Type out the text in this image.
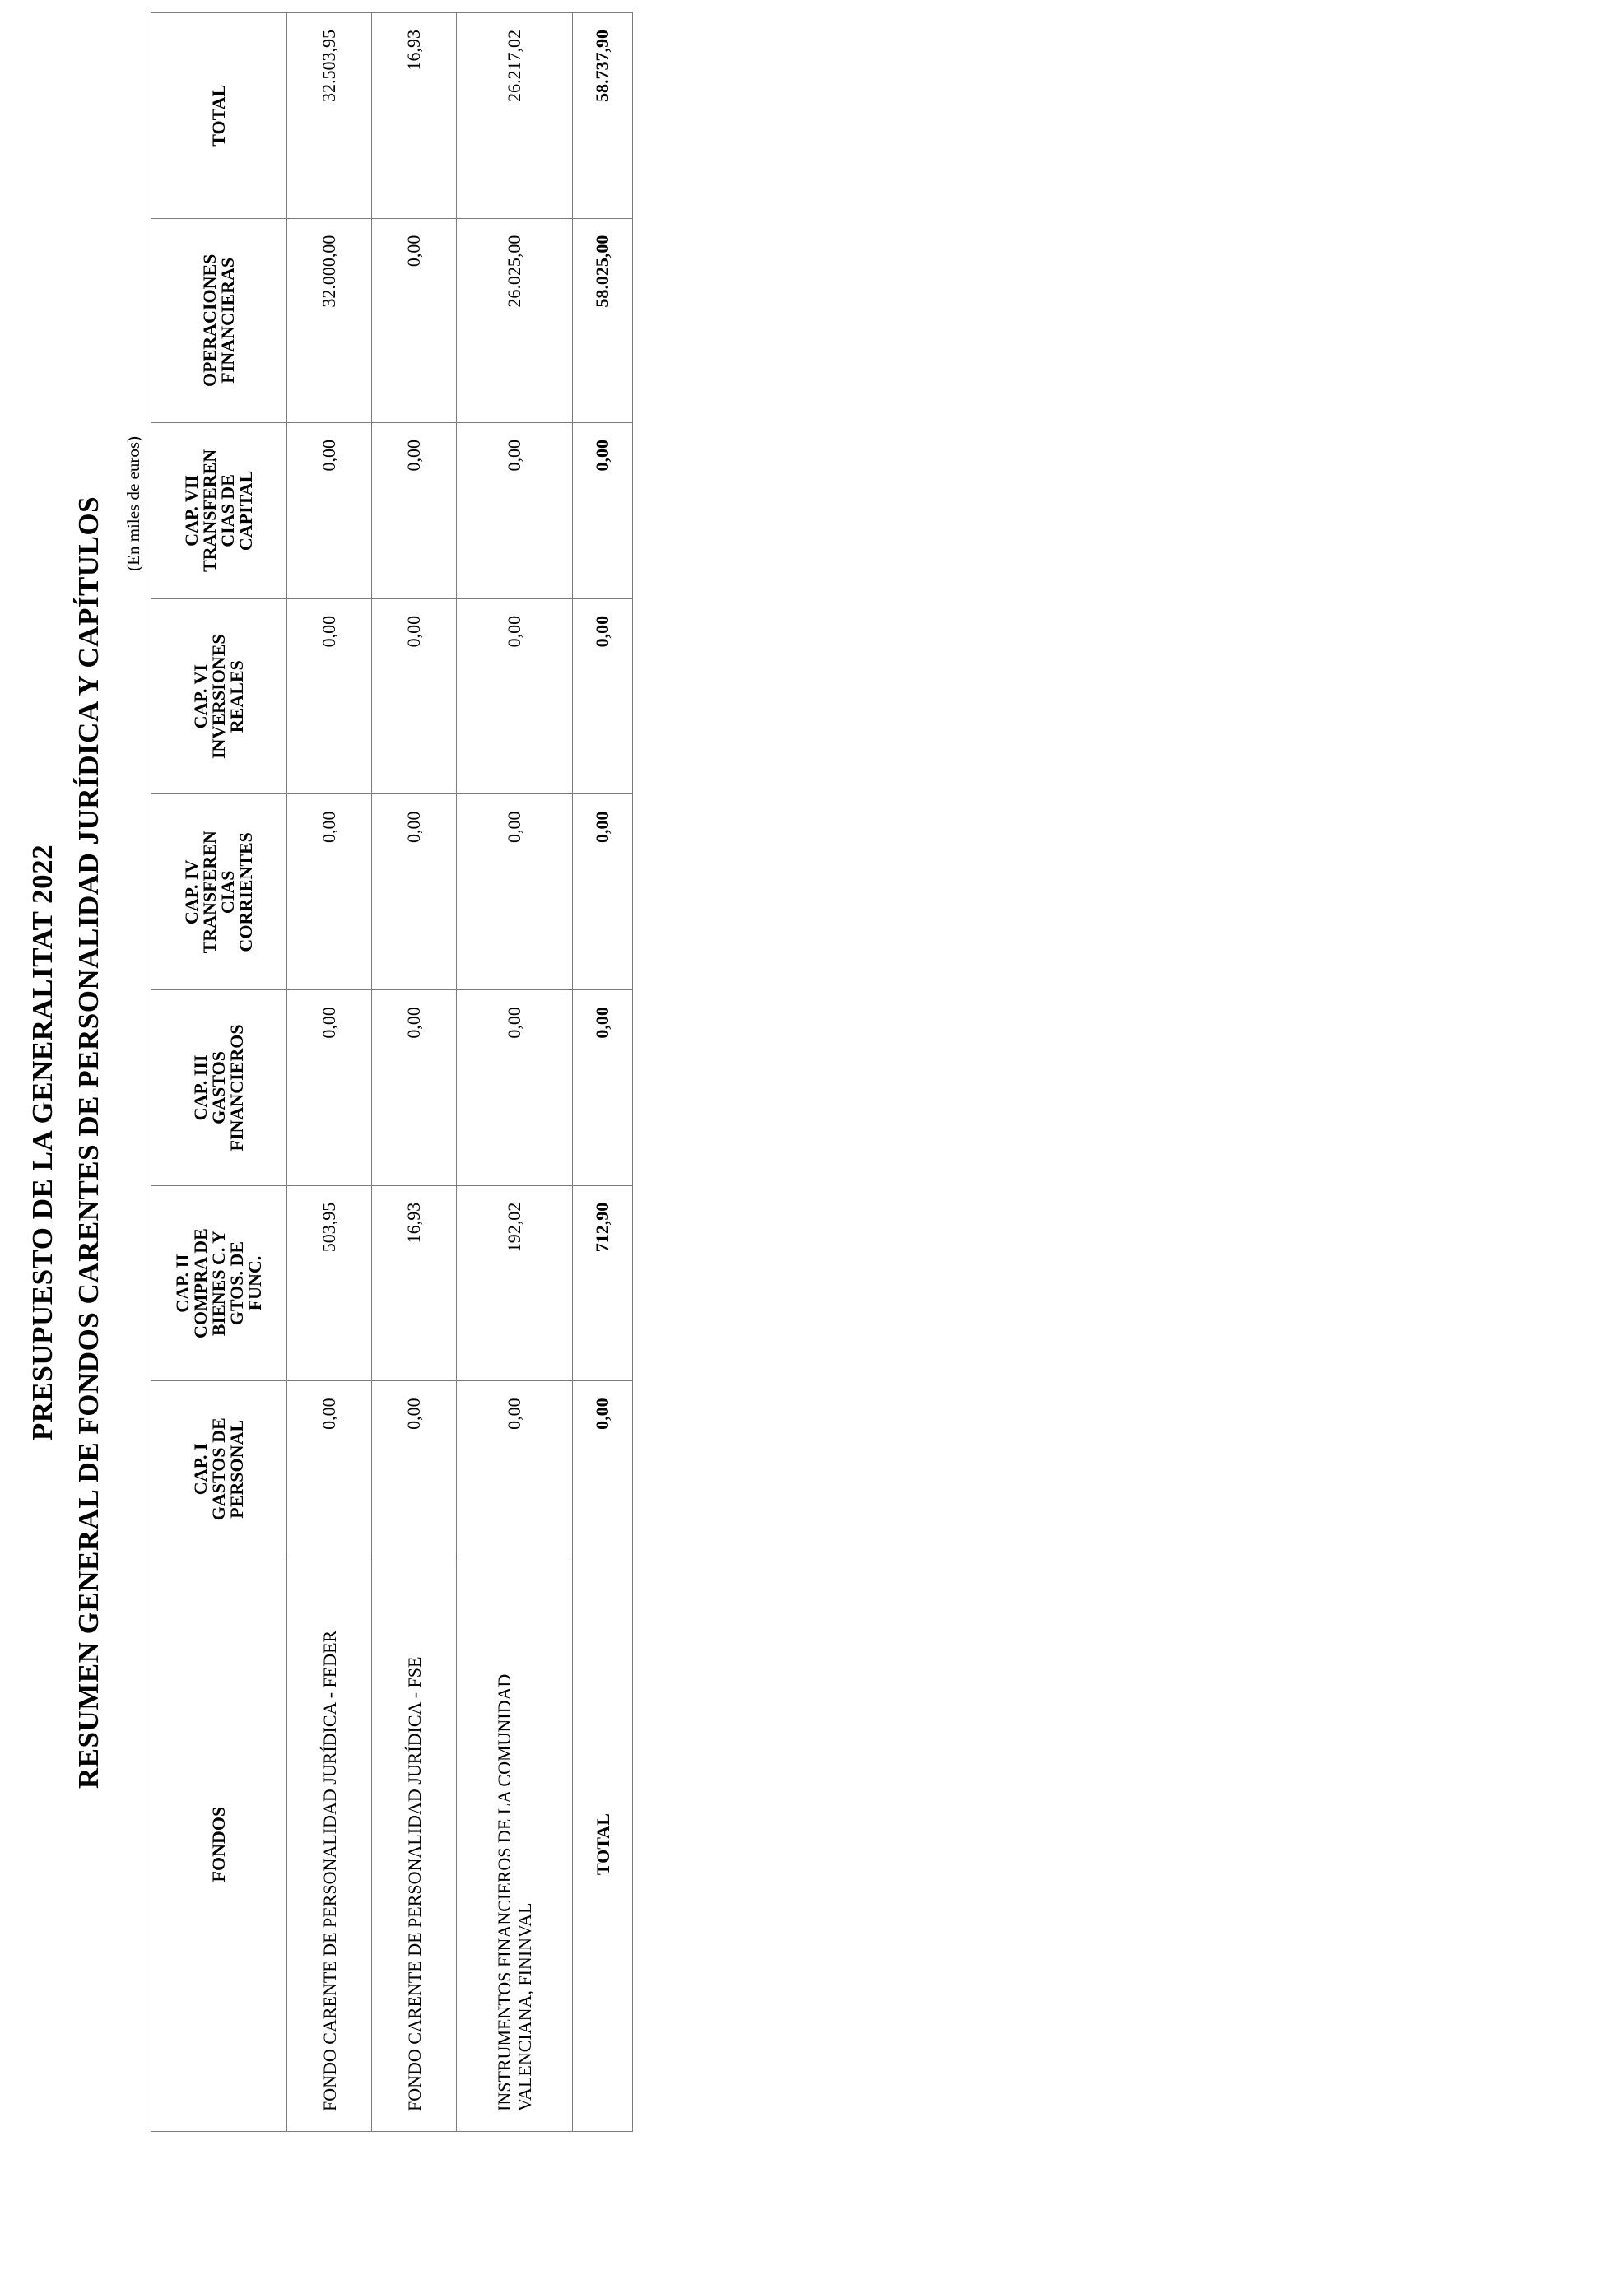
PRESUPUESTO DE LA GENERALITAT 2022 RESUMEN GENERAL DE FONDOS CARENTES DE PERSONALIDAD JURÍDICA Y CAPÍTULOS (En miles de euros)
FONDOS	CAP. I
GASTOS DE
PERSONAL	CAP. II
COMPRA DE
BIENES C. Y
GTOS. DE
FUNC.	CAP. III
GASTOS
FINANCIEROS	CAP. IV
TRANSFEREN
CIAS
CORRIENTES	CAP. VI
INVERSIONES
REALES	CAP. VII
TRANSFEREN
CIAS DE
CAPITAL	OPERACIONES
FINANCIERAS	TOTAL

FONDO CARENTE DE PERSONALIDAD JURÍDICA - FEDER	0,00	503,95	0,00	0,00	0,00	0,00	32.000,00	32.503,95
FONDO CARENTE DE PERSONALIDAD JURÍDICA - FSE	0,00	16,93	0,00	0,00	0,00	0,00	0,00	16,93
INSTRUMENTOS FINANCIEROS DE LA COMUNIDAD VALENCIANA, FININVAL	0,00	192,02	0,00	0,00	0,00	0,00	26.025,00	26.217,02
TOTAL	0,00	712,90	0,00	0,00	0,00	0,00	58.025,00	58.737,90
